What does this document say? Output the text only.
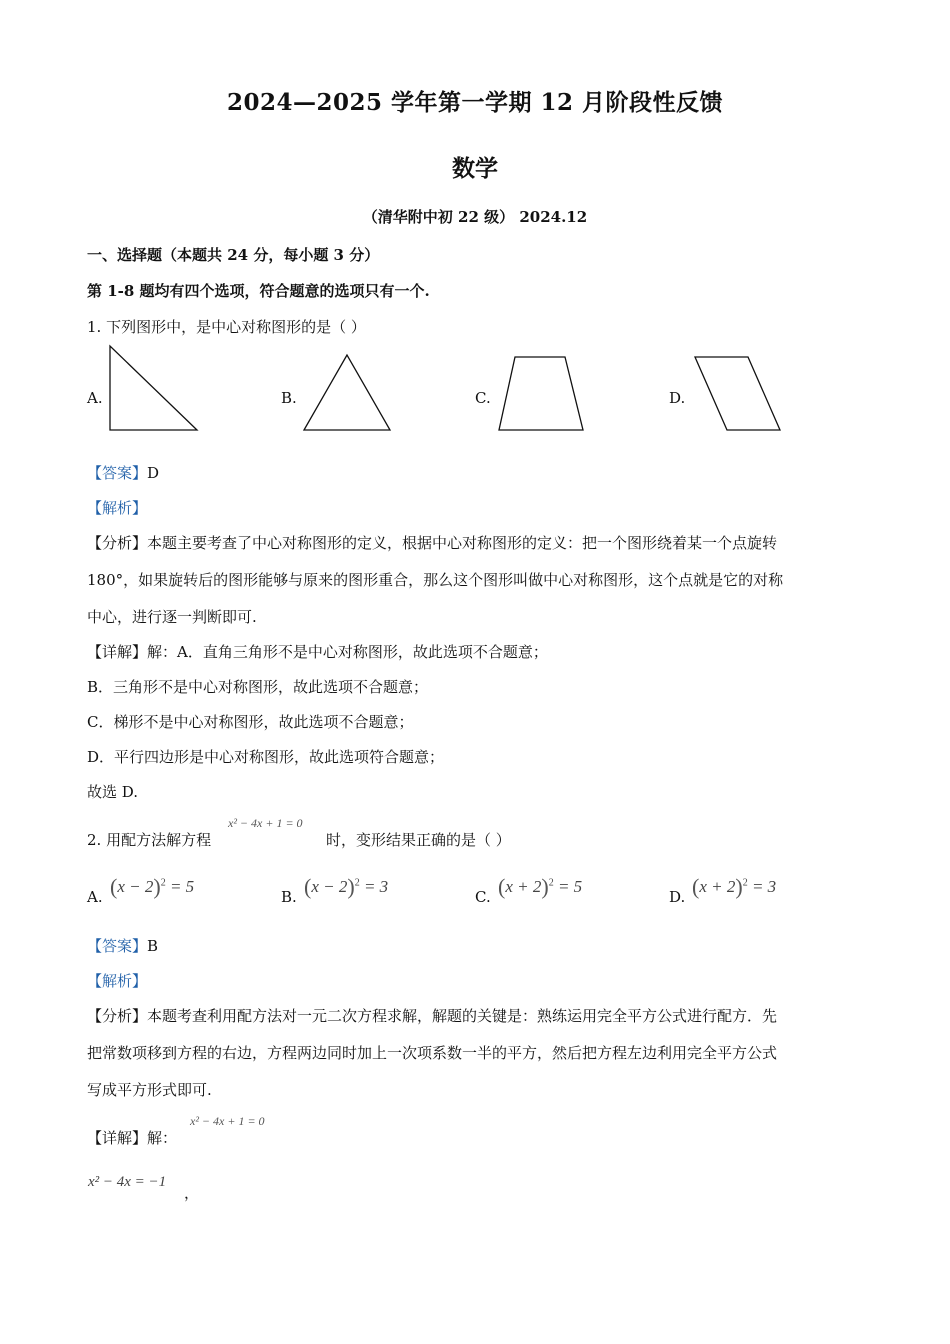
2024—2025 学年第一学期 12 月阶段性反馈
数学
（清华附中初 22 级） 2024.12
一、选择题（本题共 24 分，每小题 3 分）
第 1-8 题均有四个选项，符合题意的选项只有一个.
1. 下列图形中，是中心对称图形的是（ ）
A.	B.	C.	D.
【答案】D
【解析】
【分析】本题主要考查了中心对称图形的定义，根据中心对称图形的定义：把一个图形绕着某一个点旋转
180°，如果旋转后的图形能够与原来的图形重合，那么这个图形叫做中心对称图形，这个点就是它的对称
中心，进行逐一判断即可.
【详解】解：A．直角三角形不是中心对称图形，故此选项不合题意；
B．三角形不是中心对称图形，故此选项不合题意；
C．梯形不是中心对称图形，故此选项不合题意；
D．平行四边形是中心对称图形，故此选项符合题意；
故选 D.
2. 用配方法解方程
x² − 4x + 1 = 0
时，变形结果正确的是（ ）
A. $(x - 2)^2 = 5$
B. $(x - 2)^2 = 3$
C. $(x + 2)^2 = 5$
D. $(x + 2)^2 = 3$
【答案】B
【解析】
【分析】本题考查利用配方法对一元二次方程求解，解题的关键是：熟练运用完全平方公式进行配方．先
把常数项移到方程的右边，方程两边同时加上一次项系数一半的平方，然后把方程左边利用完全平方公式
写成平方形式即可.
【详解】解：
x² − 4x + 1 = 0
x² − 4x = −1
，
